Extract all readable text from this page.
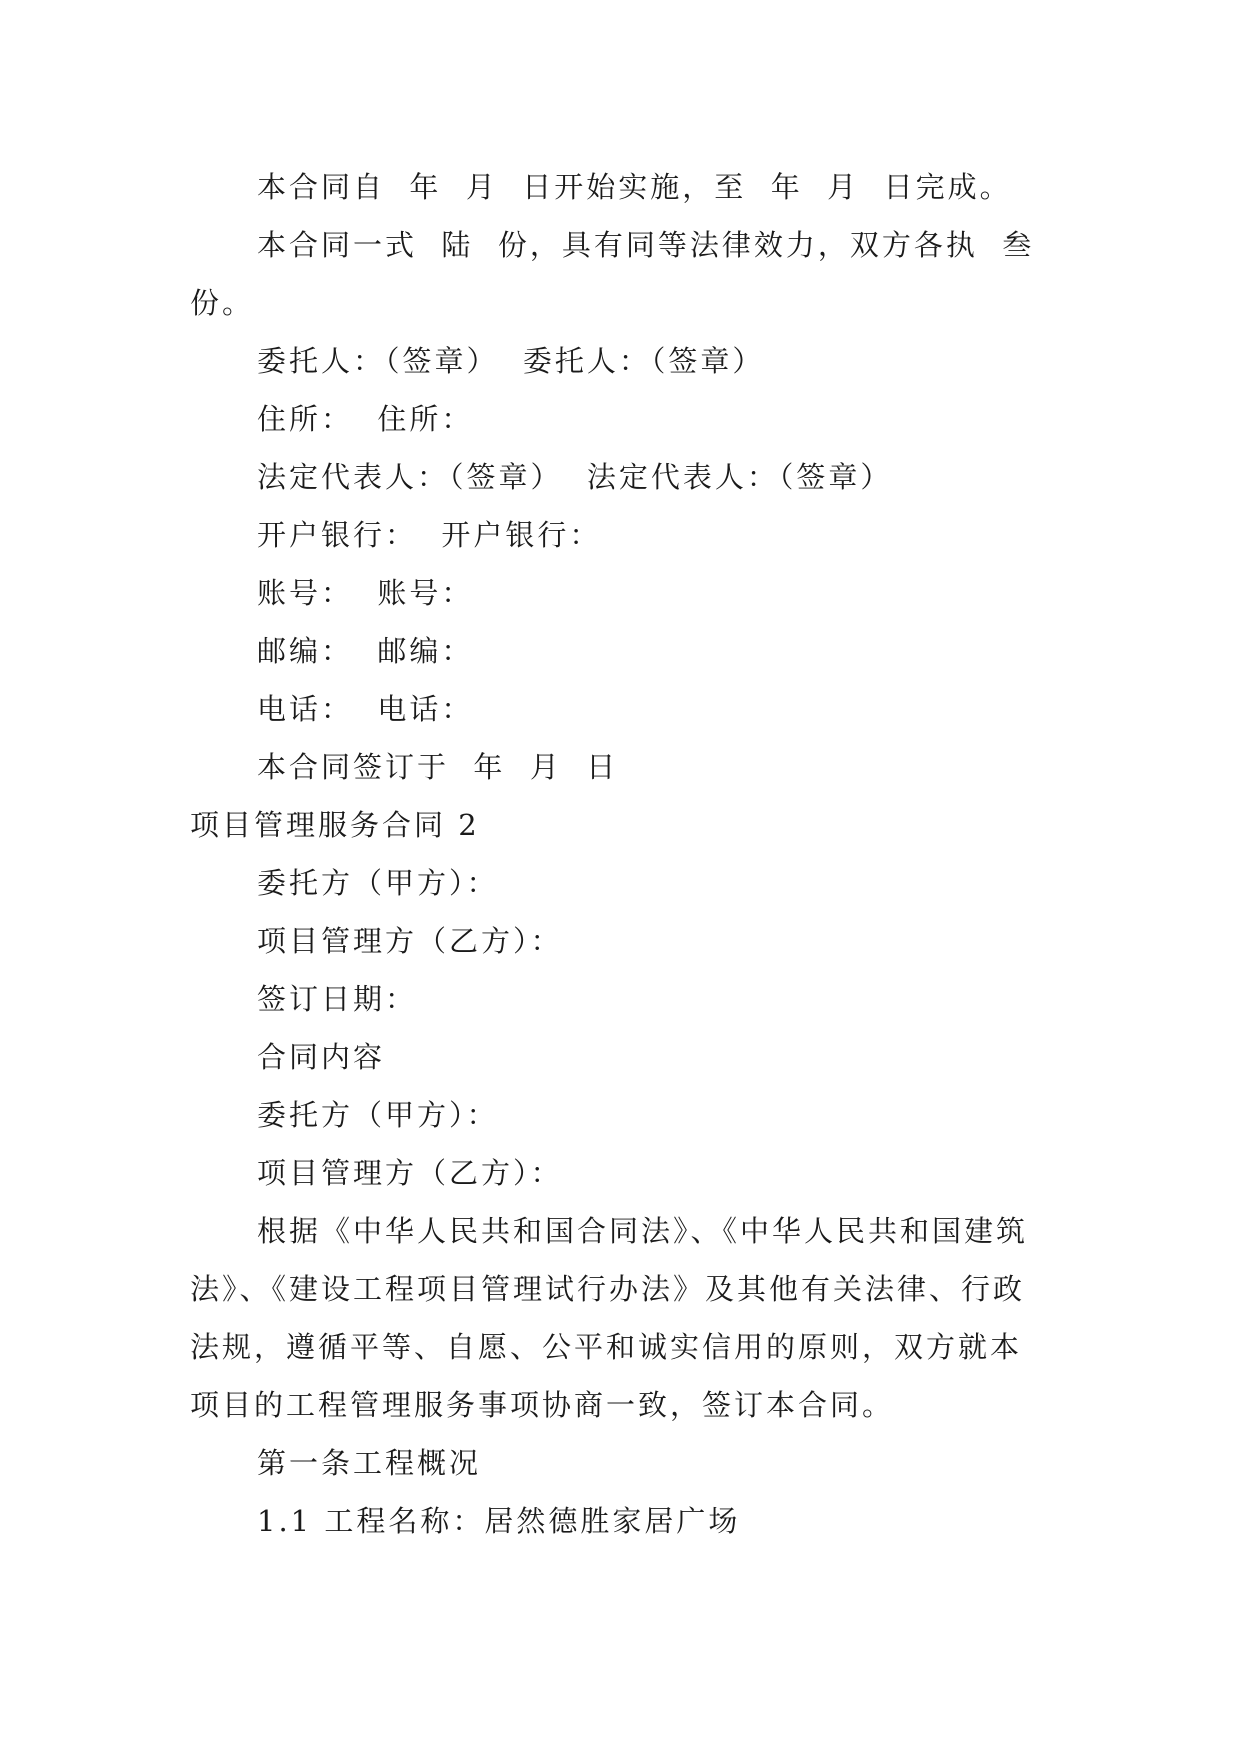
本合同自  年  月  日开始实施，至  年  月  日完成。
本合同一式  陆  份，具有同等法律效力，双方各执  叁
份。
委托人：（签章）  委托人：（签章）
住所：  住所：
法定代表人：（签章）  法定代表人：（签章）
开户银行：  开户银行：
账号：  账号：
邮编：  邮编：
电话：  电话：
本合同签订于  年  月  日
项目管理服务合同 2
委托方（甲方）：
项目管理方（乙方）：
签订日期：
合同内容
委托方（甲方）：
项目管理方（乙方）：
根据《中华人民共和国合同法》、《中华人民共和国建筑
法》、《建设工程项目管理试行办法》及其他有关法律、行政
法规，遵循平等、自愿、公平和诚实信用的原则，双方就本
项目的工程管理服务事项协商一致，签订本合同。
第一条工程概况
1.1 工程名称：居然德胜家居广场
